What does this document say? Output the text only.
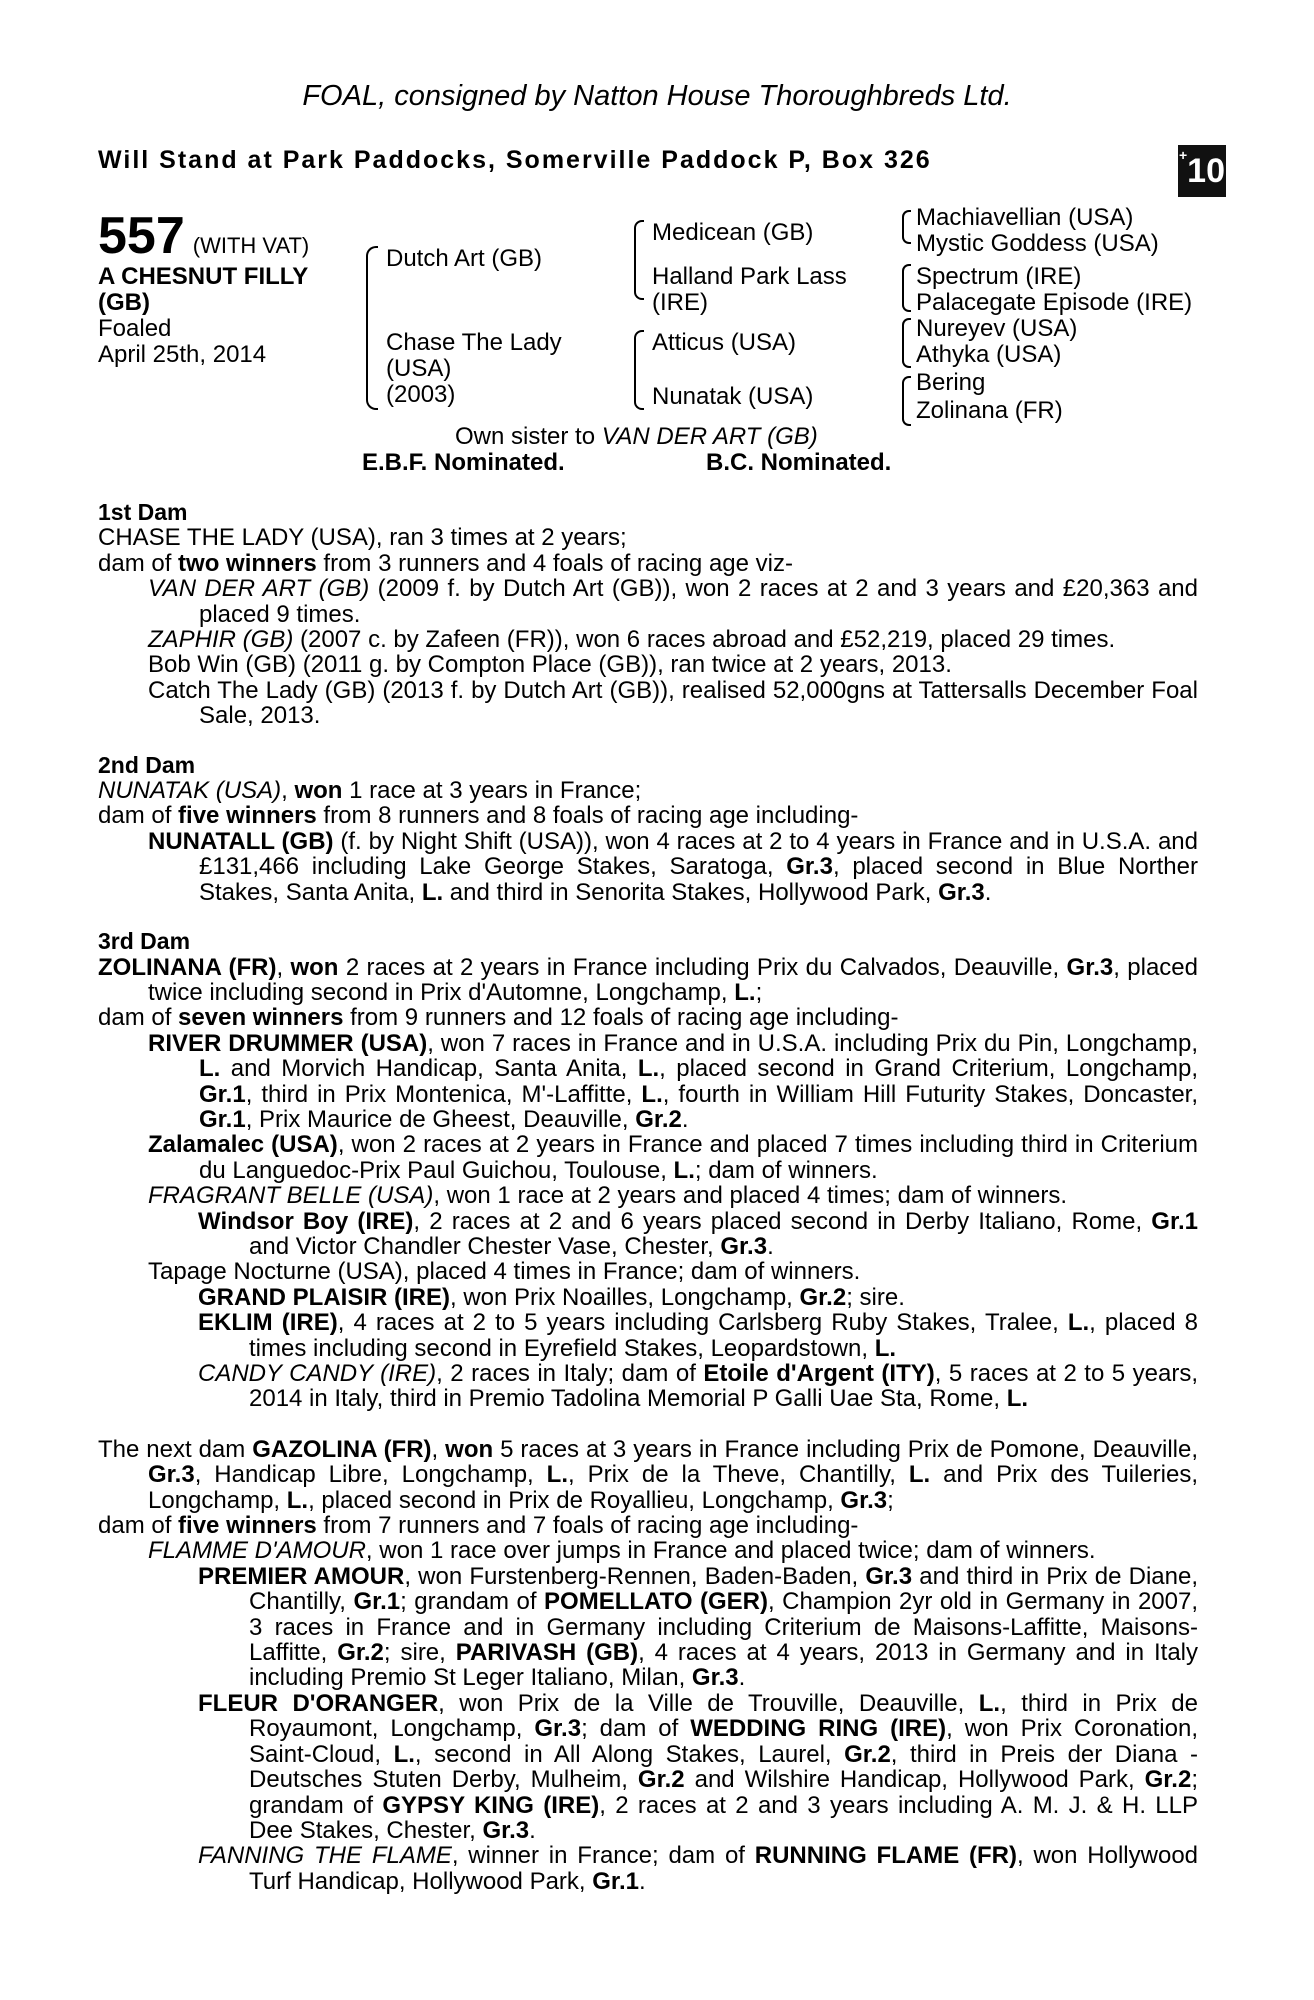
FOAL, consigned by Natton House Thoroughbreds Ltd.
Will Stand at Park Paddocks, Somerville Paddock P, Box 326	+10
557 (WITH VAT)
A CHESNUT FILLY
(GB)
Foaled
April 25th, 2014
Dutch Art (GB)
Chase The Lady
(USA)
(2003)
Medicean (GB)
Halland Park Lass
(IRE)
Atticus (USA)
Nunatak (USA)
Machiavellian (USA)
Mystic Goddess (USA)
Spectrum (IRE)
Palacegate Episode (IRE)
Nureyev (USA)
Athyka (USA)
Bering
Zolinana (FR)
Own sister to VAN DER ART (GB)
E.B.F. Nominated.	B.C. Nominated.

1st Dam

CHASE THE LADY (USA), ran 3 times at 2 years;

dam of two winners from 3 runners and 4 foals of racing age viz-

VAN DER ART (GB) (2009 f. by Dutch Art (GB)), won 2 races at 2 and 3 years and £20,363 and placed 9 times.

ZAPHIR (GB) (2007 c. by Zafeen (FR)), won 6 races abroad and £52,219, placed 29 times.

Bob Win (GB) (2011 g. by Compton Place (GB)), ran twice at 2 years, 2013.

Catch The Lady (GB) (2013 f. by Dutch Art (GB)), realised 52,000gns at Tattersalls December Foal Sale, 2013.

2nd Dam

NUNATAK (USA), won 1 race at 3 years in France;

dam of five winners from 8 runners and 8 foals of racing age including-

NUNATALL (GB) (f. by Night Shift (USA)), won 4 races at 2 to 4 years in France and in U.S.A. and £131,466 including Lake George Stakes, Saratoga, Gr.3, placed second in Blue Norther Stakes, Santa Anita, L. and third in Senorita Stakes, Hollywood Park, Gr.3.

3rd Dam

ZOLINANA (FR), won 2 races at 2 years in France including Prix du Calvados, Deauville, Gr.3, placed twice including second in Prix d'Automne, Longchamp, L.;

dam of seven winners from 9 runners and 12 foals of racing age including-

RIVER DRUMMER (USA), won 7 races in France and in U.S.A. including Prix du Pin, Longchamp, L. and Morvich Handicap, Santa Anita, L., placed second in Grand Criterium, Longchamp, Gr.1, third in Prix Montenica, M'-Laffitte, L., fourth in William Hill Futurity Stakes, Doncaster, Gr.1, Prix Maurice de Gheest, Deauville, Gr.2.

Zalamalec (USA), won 2 races at 2 years in France and placed 7 times including third in Criterium du Languedoc-Prix Paul Guichou, Toulouse, L.; dam of winners.

FRAGRANT BELLE (USA), won 1 race at 2 years and placed 4 times; dam of winners.

Windsor Boy (IRE), 2 races at 2 and 6 years placed second in Derby Italiano, Rome, Gr.1 and Victor Chandler Chester Vase, Chester, Gr.3.

Tapage Nocturne (USA), placed 4 times in France; dam of winners.

GRAND PLAISIR (IRE), won Prix Noailles, Longchamp, Gr.2; sire.

EKLIM (IRE), 4 races at 2 to 5 years including Carlsberg Ruby Stakes, Tralee, L., placed 8 times including second in Eyrefield Stakes, Leopardstown, L.

CANDY CANDY (IRE), 2 races in Italy; dam of Etoile d'Argent (ITY), 5 races at 2 to 5 years, 2014 in Italy, third in Premio Tadolina Memorial P Galli Uae Sta, Rome, L.

The next dam GAZOLINA (FR), won 5 races at 3 years in France including Prix de Pomone, Deauville, Gr.3, Handicap Libre, Longchamp, L., Prix de la Theve, Chantilly, L. and Prix des Tuileries, Longchamp, L., placed second in Prix de Royallieu, Longchamp, Gr.3;

dam of five winners from 7 runners and 7 foals of racing age including-

FLAMME D'AMOUR, won 1 race over jumps in France and placed twice; dam of winners.

PREMIER AMOUR, won Furstenberg-Rennen, Baden-Baden, Gr.3 and third in Prix de Diane, Chantilly, Gr.1; grandam of POMELLATO (GER), Champion 2yr old in Germany in 2007, 3 races in France and in Germany including Criterium de Maisons-Laffitte, Maisons-Laffitte, Gr.2; sire, PARIVASH (GB), 4 races at 4 years, 2013 in Germany and in Italy including Premio St Leger Italiano, Milan, Gr.3.

FLEUR D'ORANGER, won Prix de la Ville de Trouville, Deauville, L., third in Prix de Royaumont, Longchamp, Gr.3; dam of WEDDING RING (IRE), won Prix Coronation, Saint-Cloud, L., second in All Along Stakes, Laurel, Gr.2, third in Preis der Diana - Deutsches Stuten Derby, Mulheim, Gr.2 and Wilshire Handicap, Hollywood Park, Gr.2; grandam of GYPSY KING (IRE), 2 races at 2 and 3 years including A. M. J. & H. LLP Dee Stakes, Chester, Gr.3.

FANNING THE FLAME, winner in France; dam of RUNNING FLAME (FR), won Hollywood Turf Handicap, Hollywood Park, Gr.1.
